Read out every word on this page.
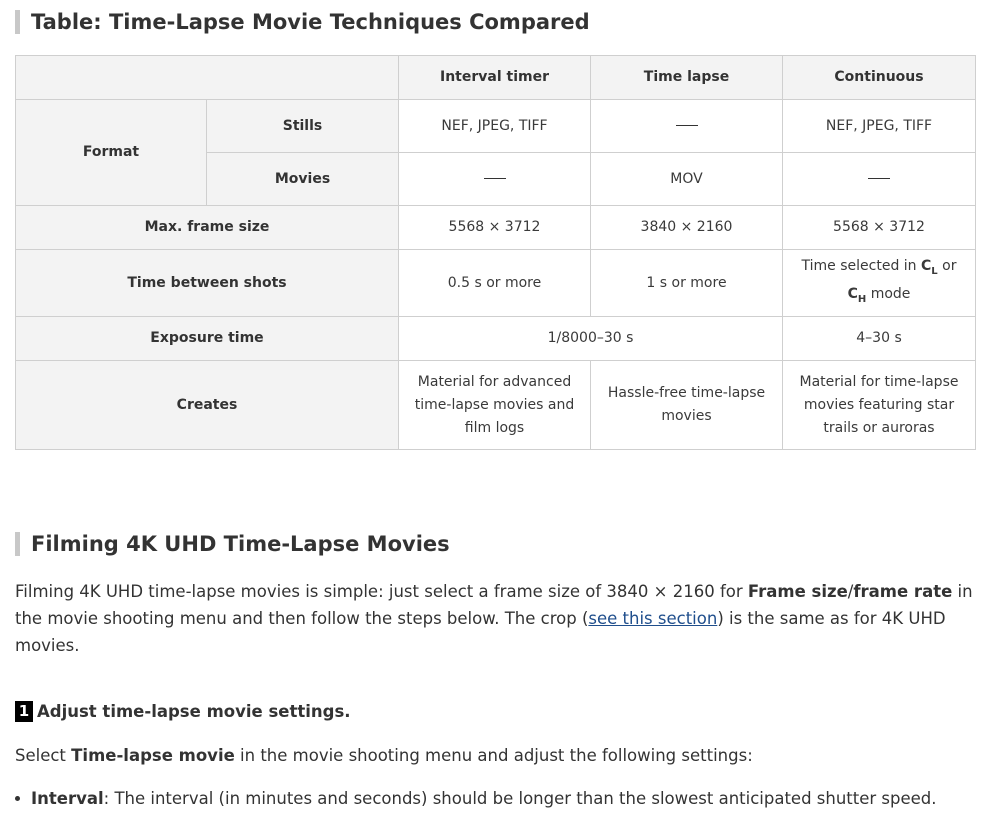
Table: Time-Lapse Movie Techniques Compared
		Interval timer	Time lapse	Continuous
Format	Stills	NEF, JPEG, TIFF		NEF, JPEG, TIFF
	Movies		MOV	
Max. frame size		5568 × 3712	3840 × 2160	5568 × 3712
Time between shots		0.5 s or more	1 s or more	Time selected in $C_L$ or $C_H$ mode
Exposure time		1/8000–30 s		4–30 s
Creates		Material for advanced time-lapse movies and film logs	Hassle-free time-lapse movies	Material for time-lapse movies featuring star trails or auroras
Filming 4K UHD Time-Lapse Movies
Filming 4K UHD time-lapse movies is simple: just select a frame size of 3840 × 2160 for Frame size/frame rate in the movie shooting menu and then follow the steps below. The crop (see this section) is the same as for 4K UHD movies.
1 Adjust time-lapse movie settings.
Select Time-lapse movie in the movie shooting menu and adjust the following settings:
Interval: The interval (in minutes and seconds) should be longer than the slowest anticipated shutter speed.
